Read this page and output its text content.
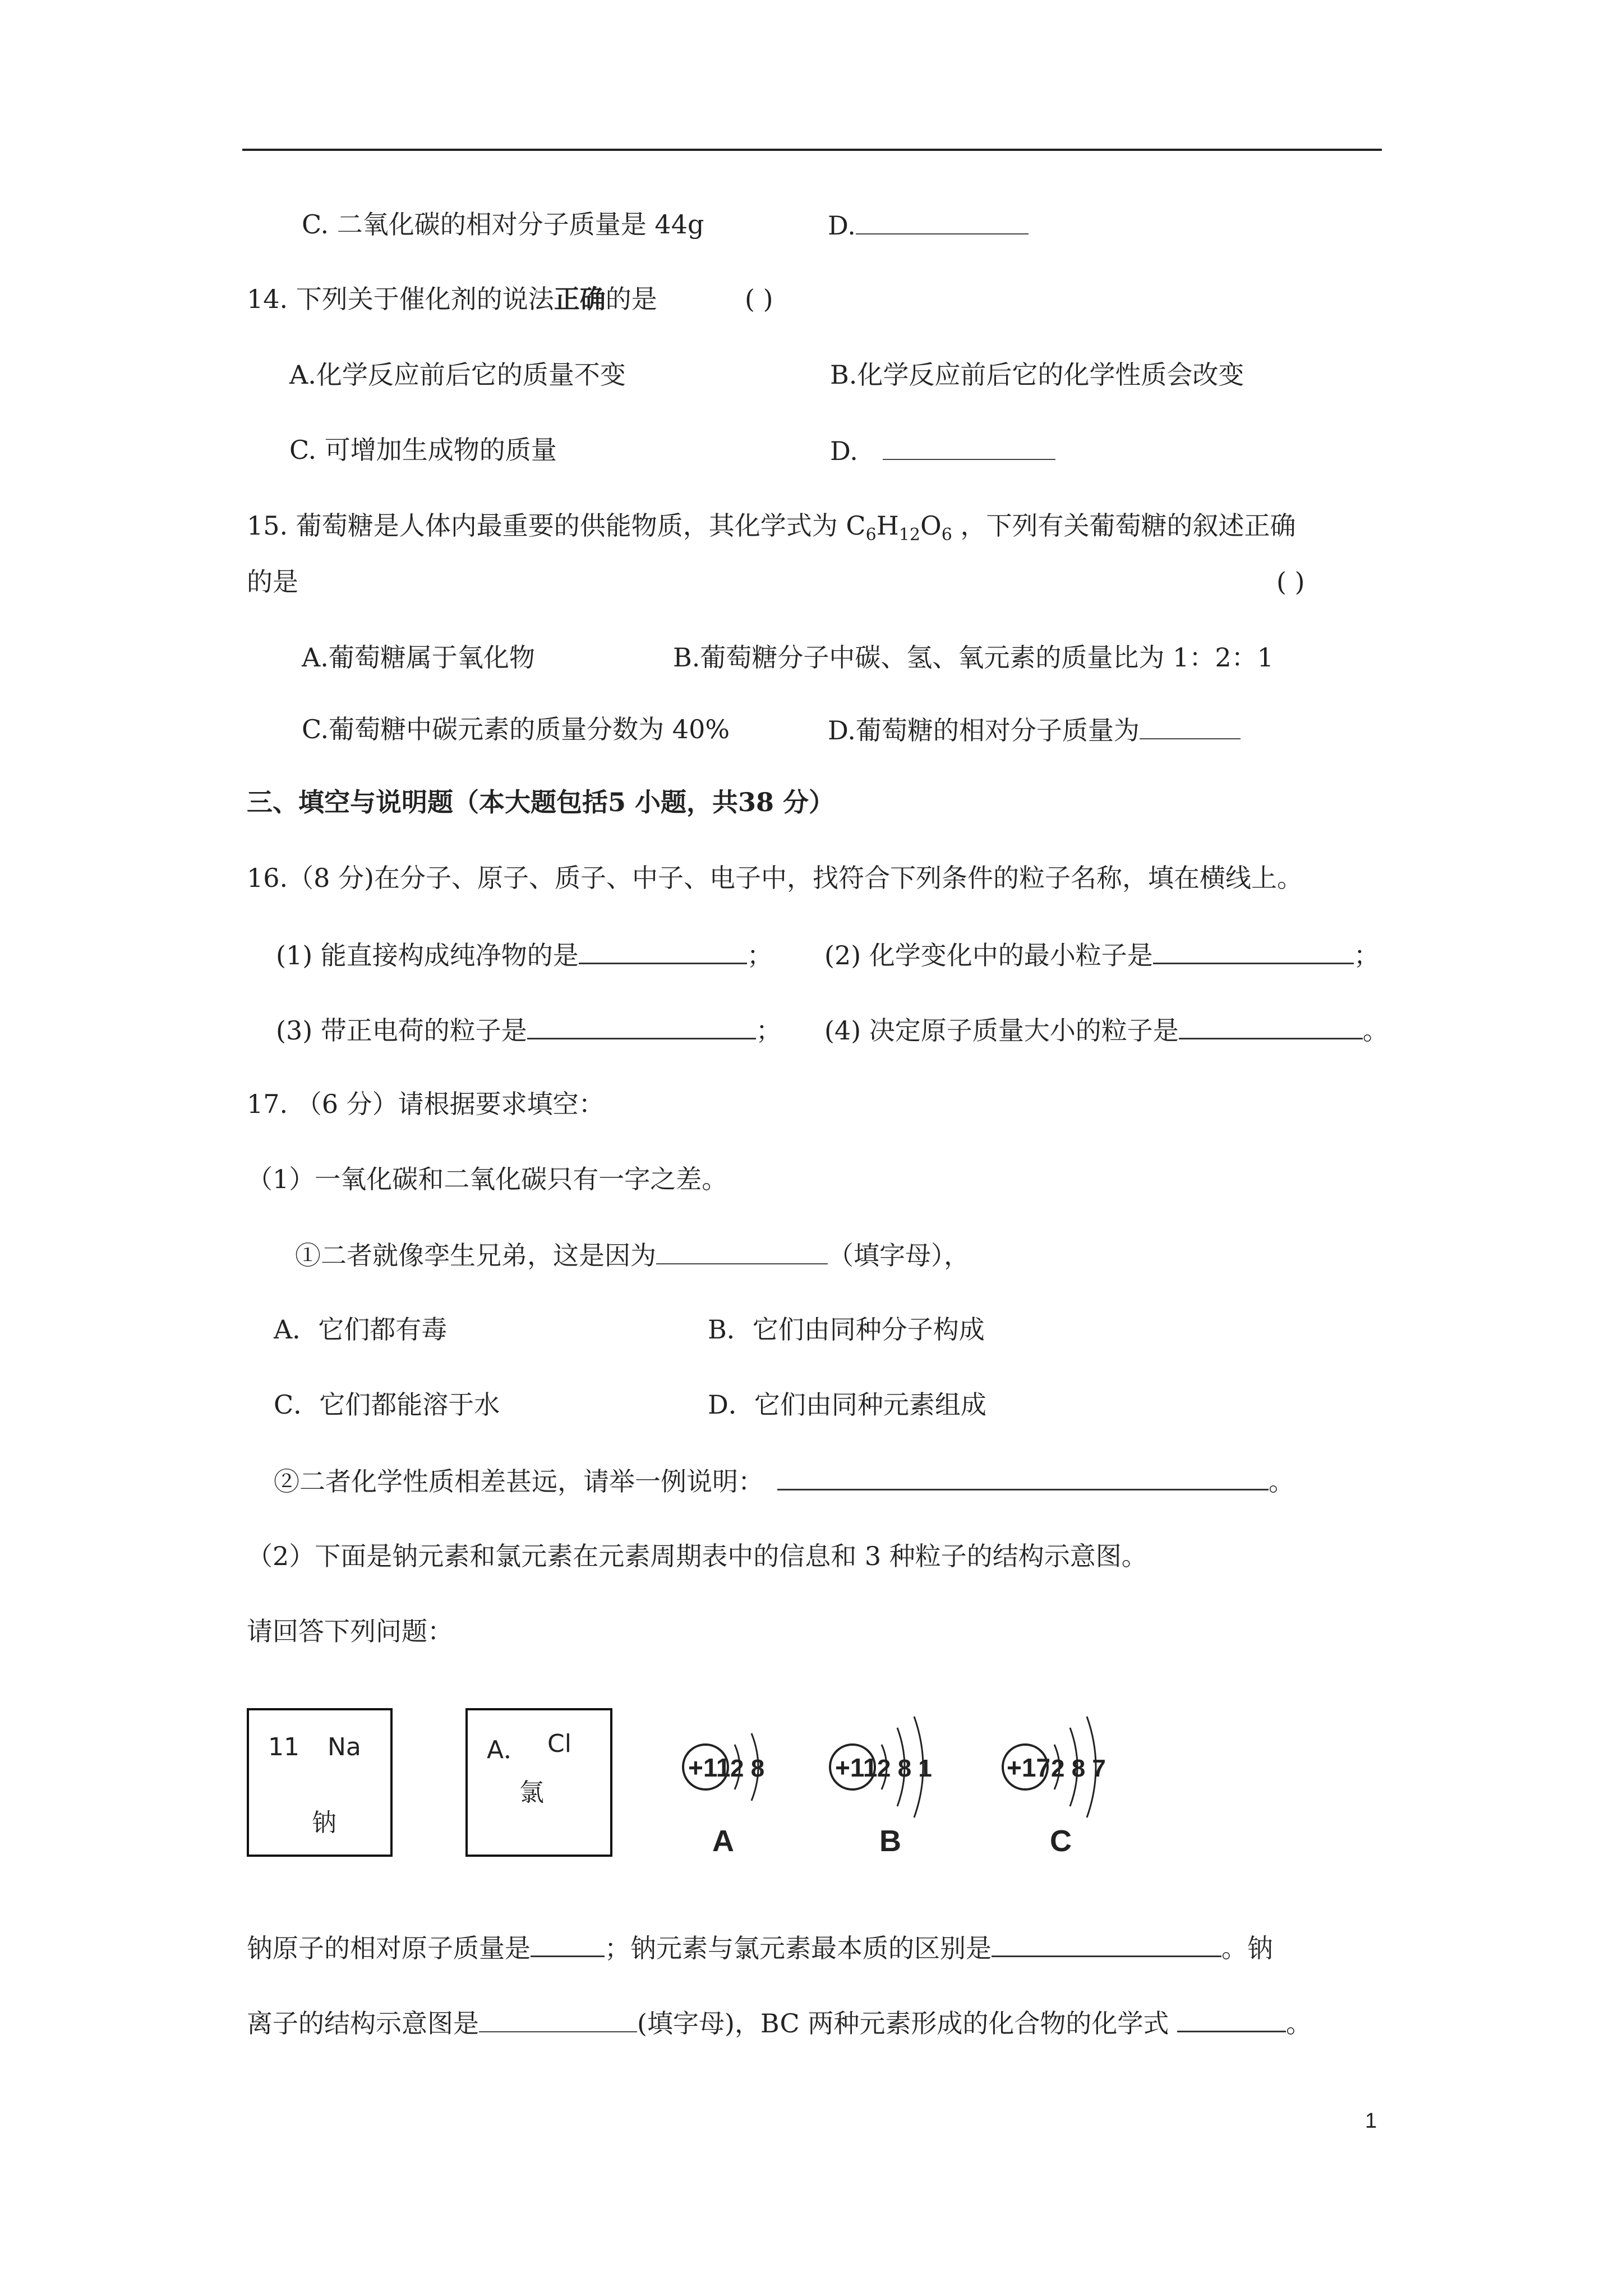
C. 二氧化碳的相对分子质量是 44g	D.
14. 下列关于催化剂的说法正确的是	( )
A.化学反应前后它的质量不变	B.化学反应前后它的化学性质会改变
C. 可增加生成物的质量	D.
15. 葡萄糖是人体内最重要的供能物质，其化学式为 $C_6H_{12}O_6$ ，下列有关葡萄糖的叙述正确
的是	( )
A.葡萄糖属于氧化物	B.葡萄糖分子中碳、氢、氧元素的质量比为 1：2：1
C.葡萄糖中碳元素的质量分数为 40%	D.葡萄糖的相对分子质量为
三、填空与说明题（本大题包括5 小题，共38 分）
16.（8 分)在分子、原子、质子、中子、电子中，找符合下列条件的粒子名称，填在横线上。
(1) 能直接构成纯净物的是	； (2) 化学变化中的最小粒子是	；
(3) 带正电荷的粒子是	； (4) 决定原子质量大小的粒子是	。
17. （6 分）请根据要求填空：
（1）一氧化碳和二氧化碳只有一字之差。
①二者就像孪生兄弟，这是因为	（填字母），
A．它们都有毒	B．它们由同种分子构成
C．它们都能溶于水	D．它们由同种元素组成
②二者化学性质相差甚远，请举一例说明：	。
（2）下面是钠元素和氯元素在元素周期表中的信息和 3 种粒子的结构示意图。
请回答下列问题：
11 Na
钠
A． Cl
氯
+11 2 8
A
+11 2 8 1
B
+17 2 8 7
C
钠原子的相对原子质量是	；钠元素与氯元素最本质的区别是	。钠
离子的结构示意图是	(填字母)，BC 两种元素形成的化合物的化学式	。
1
